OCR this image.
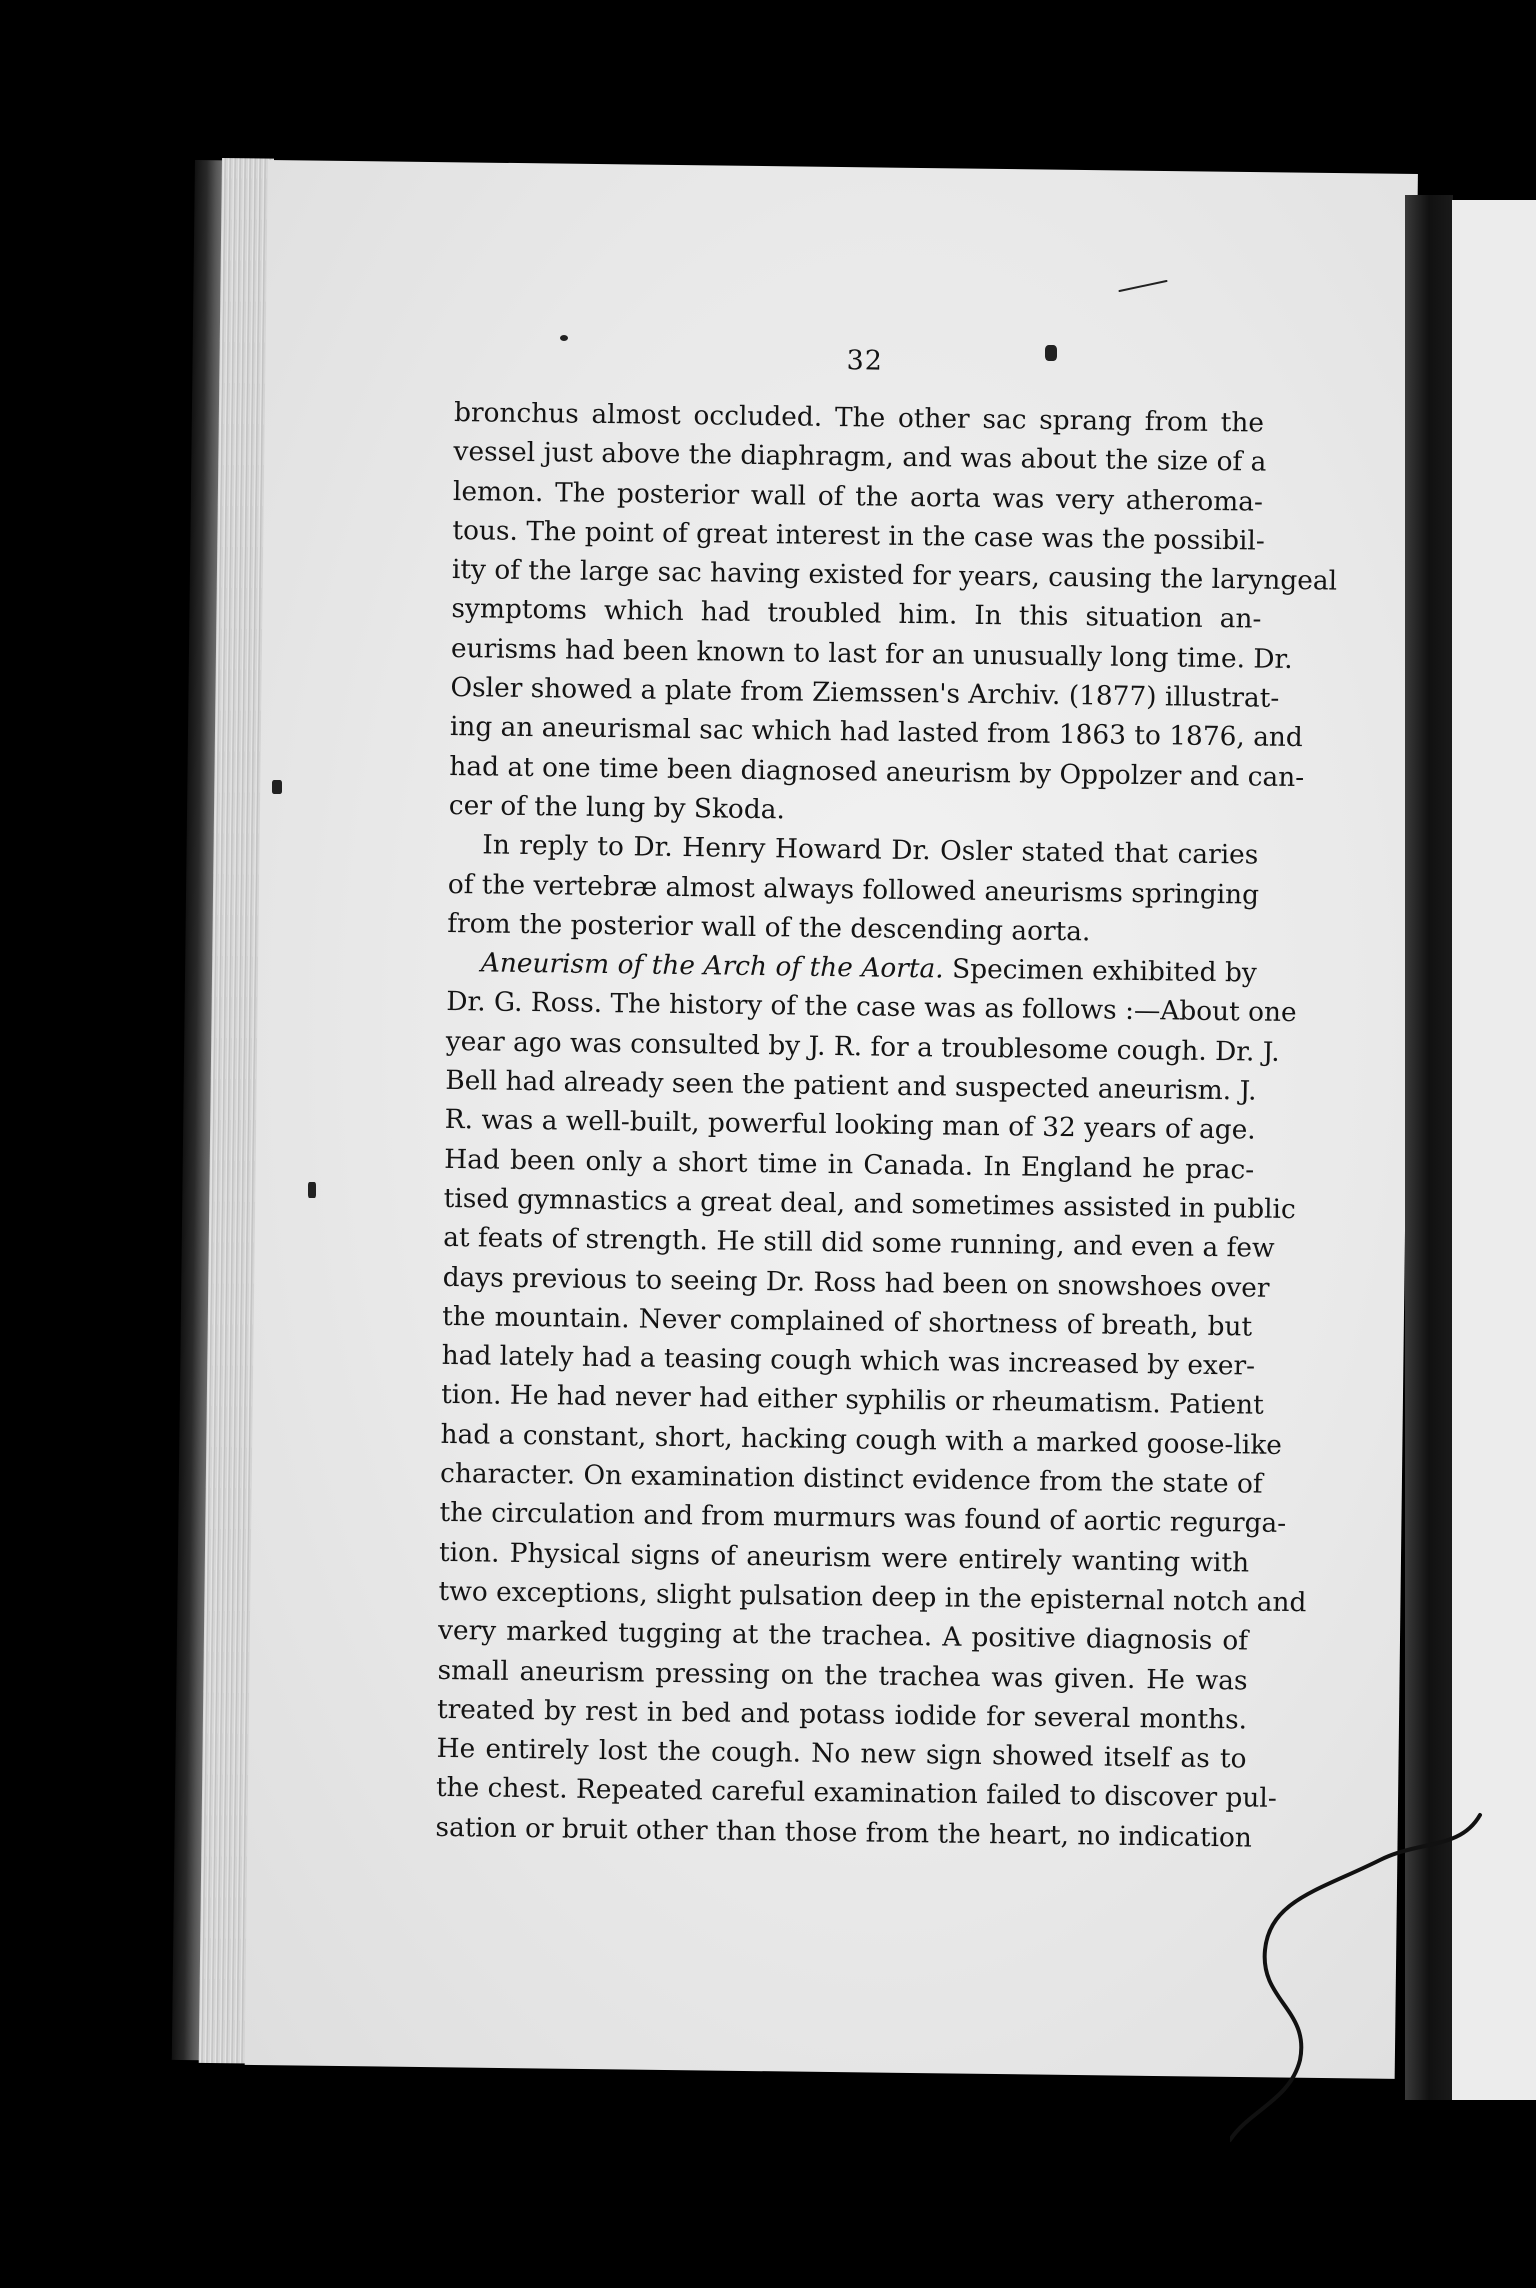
32
bronchus almost occluded. The other sac sprang from the
vessel just above the diaphragm, and was about the size of a
lemon. The posterior wall of the aorta was very atheroma-
tous. The point of great interest in the case was the possibil-
ity of the large sac having existed for years, causing the laryngeal
symptoms which had troubled him. In this situation an-
eurisms had been known to last for an unusually long time. Dr.
Osler showed a plate from Ziemssen's Archiv. (1877) illustrat-
ing an aneurismal sac which had lasted from 1863 to 1876, and
had at one time been diagnosed aneurism by Oppolzer and can-
cer of the lung by Skoda.
In reply to Dr. Henry Howard Dr. Osler stated that caries
of the vertebræ almost always followed aneurisms springing
from the posterior wall of the descending aorta.
Aneurism of the Arch of the Aorta. Specimen exhibited by
Dr. G. Ross. The history of the case was as follows :—About one
year ago was consulted by J. R. for a troublesome cough. Dr. J.
Bell had already seen the patient and suspected aneurism. J.
R. was a well-built, powerful looking man of 32 years of age.
Had been only a short time in Canada. In England he prac-
tised gymnastics a great deal, and sometimes assisted in public
at feats of strength. He still did some running, and even a few
days previous to seeing Dr. Ross had been on snowshoes over
the mountain. Never complained of shortness of breath, but
had lately had a teasing cough which was increased by exer-
tion. He had never had either syphilis or rheumatism. Patient
had a constant, short, hacking cough with a marked goose-like
character. On examination distinct evidence from the state of
the circulation and from murmurs was found of aortic regurga-
tion. Physical signs of aneurism were entirely wanting with
two exceptions, slight pulsation deep in the episternal notch and
very marked tugging at the trachea. A positive diagnosis of
small aneurism pressing on the trachea was given. He was
treated by rest in bed and potass iodide for several months.
He entirely lost the cough. No new sign showed itself as to
the chest. Repeated careful examination failed to discover pul-
sation or bruit other than those from the heart, no indication
